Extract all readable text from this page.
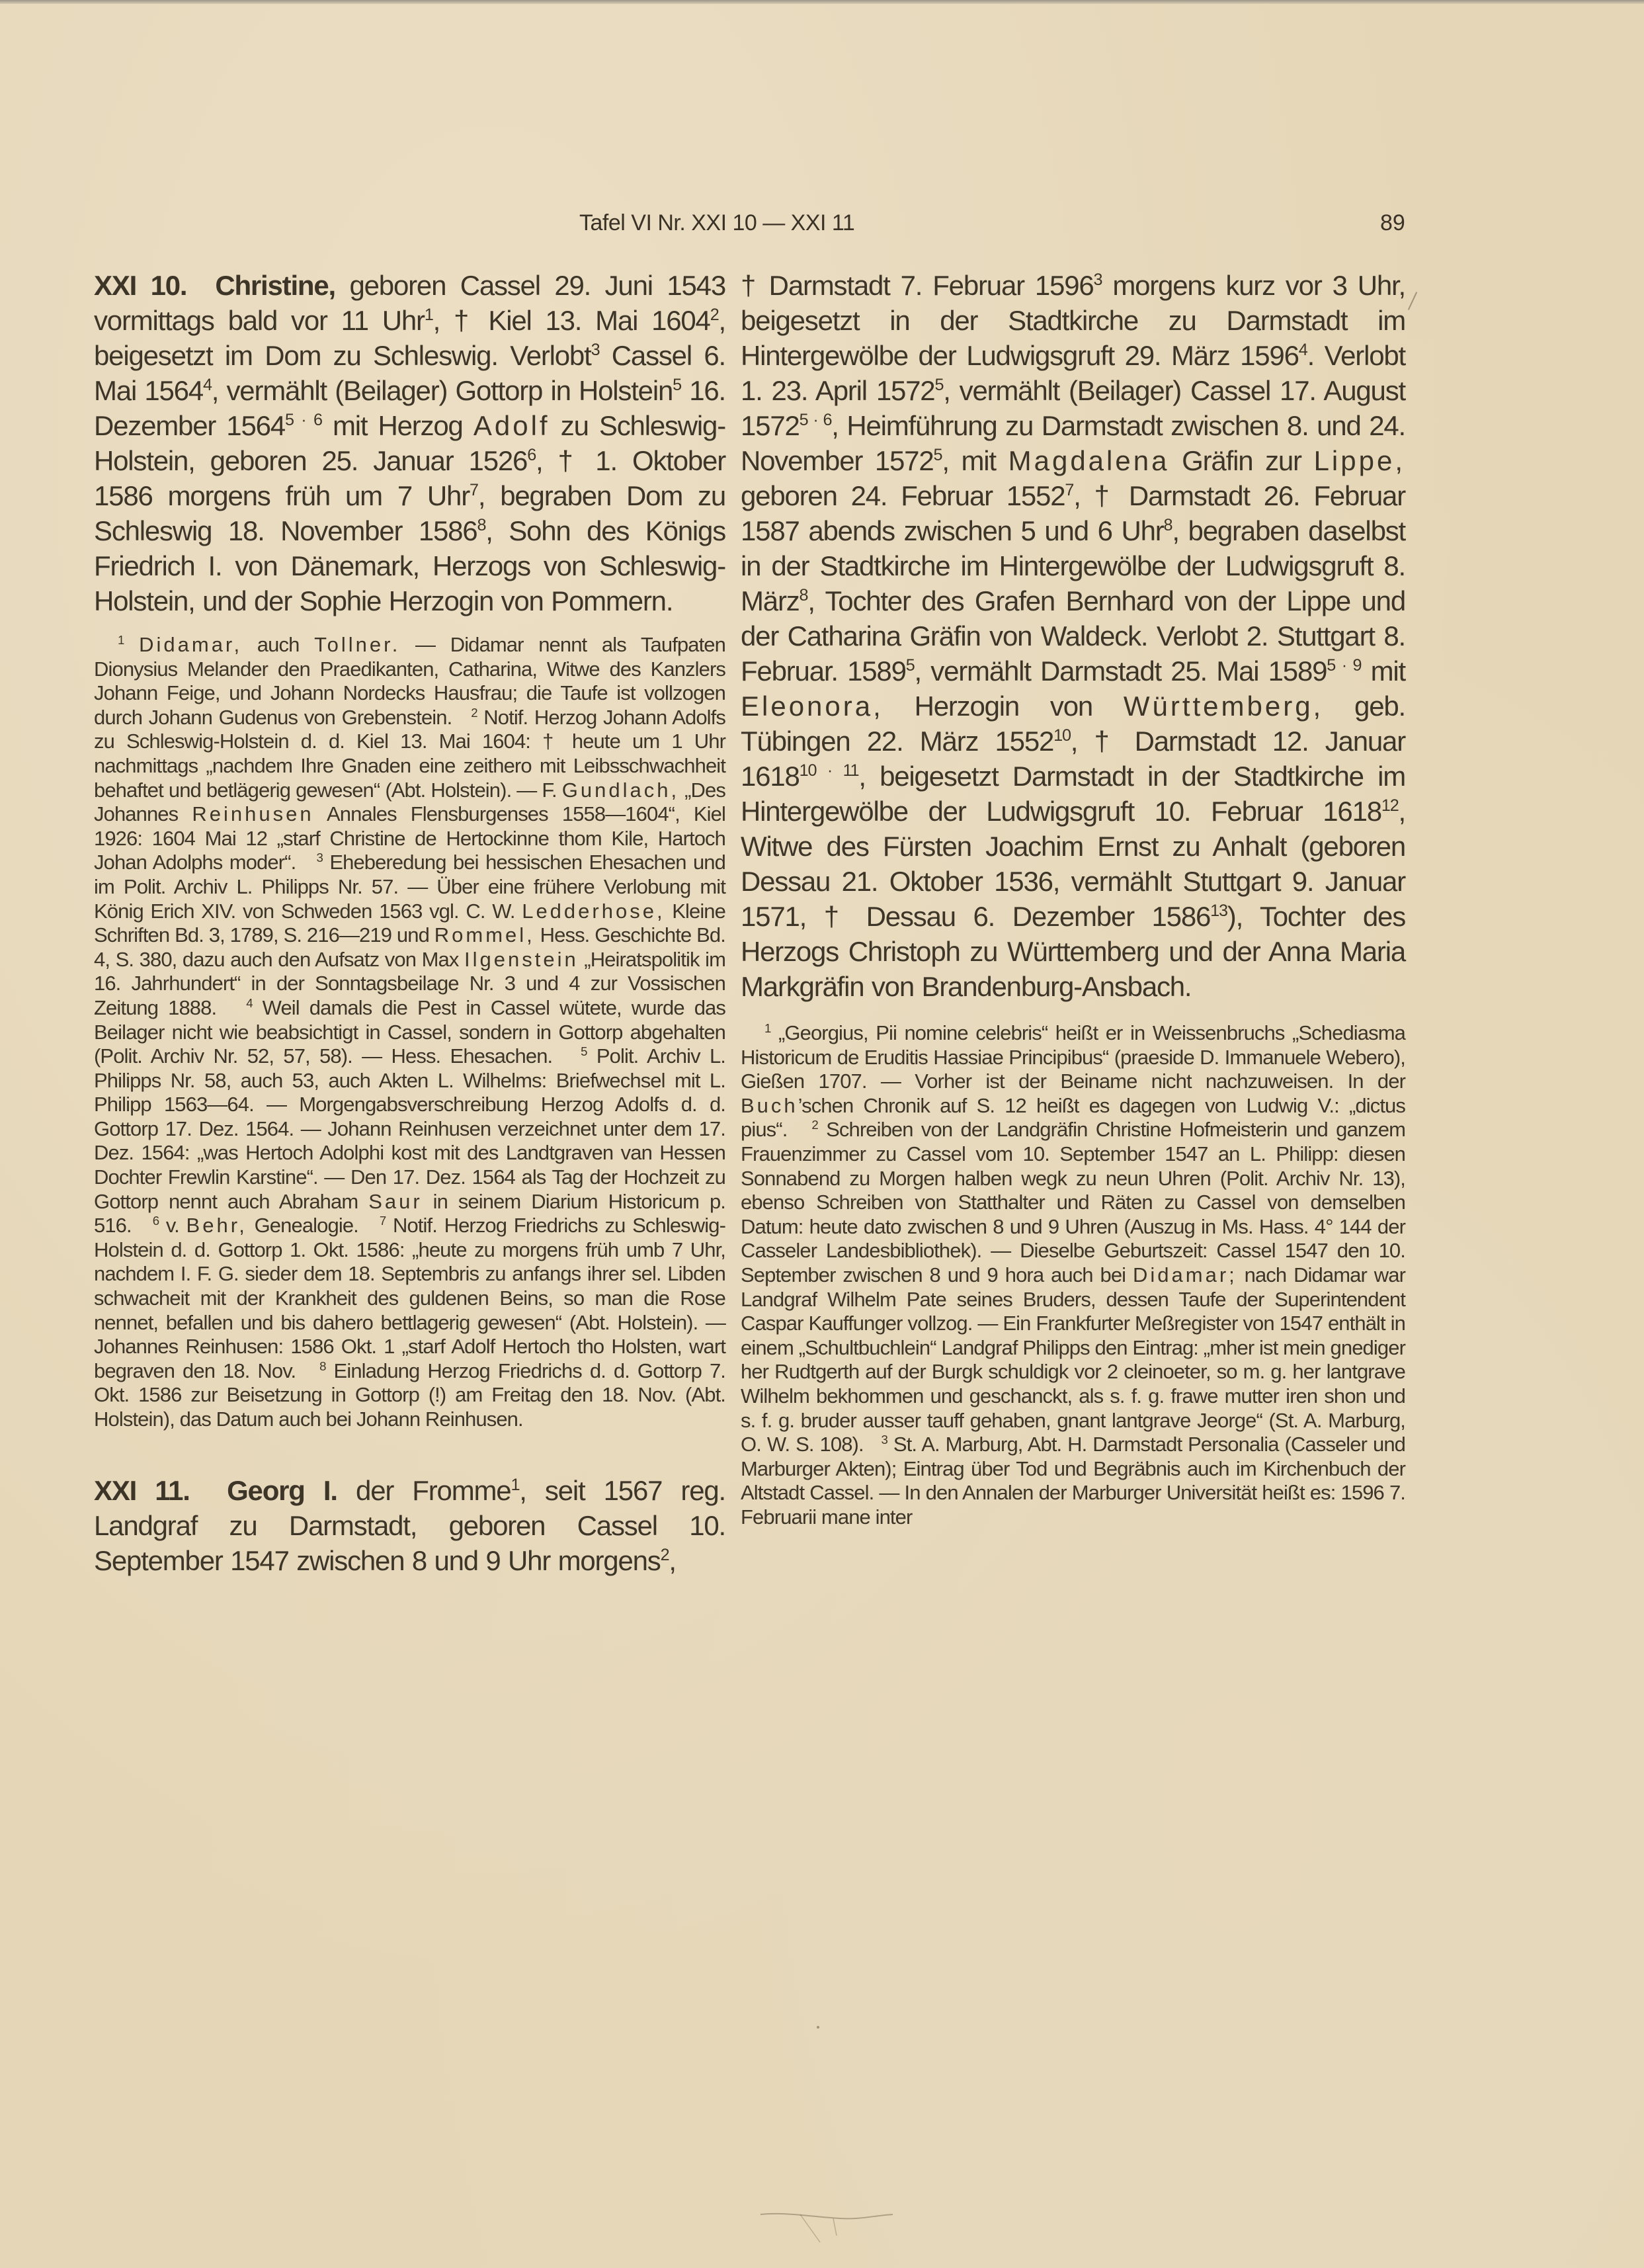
Tafel VI Nr. XXI 10 — XXI 11	89

XXI 10. Christine, geboren Cassel 29. Juni 1543 vormittags bald vor 11 Uhr$^1$, † Kiel 13. Mai 1604$^2$, beigesetzt im Dom zu Schleswig. Verlobt$^3$ Cassel 6. Mai 1564$^4$, vermählt (Beilager) Gottorp in Holstein$^5$ 16. Dezember $1564^{5 \cdot 6}$ mit Herzog Adolf zu Schleswig-Holstein, geboren 25. Januar 1526$^6$, † 1. Oktober 1586 morgens früh um 7 Uhr$^7$, begraben Dom zu Schleswig 18. November 1586$^8$, Sohn des Königs Friedrich I. von Dänemark, Herzogs von Schleswig-Holstein, und der Sophie Herzogin von Pommern.

$^1$ Didamar, auch Tollner. — Didamar nennt als Taufpaten Dionysius Melander den Praedikanten, Catharina, Witwe des Kanzlers Johann Feige, und Johann Nordecks Hausfrau; die Taufe ist vollzogen durch Johann Gudenus von Grebenstein. $^2$ Notif. Herzog Johann Adolfs zu Schleswig-Holstein d. d. Kiel 13. Mai 1604: † heute um 1 Uhr nachmittags „nachdem Ihre Gnaden eine zeithero mit Leibsschwachheit behaftet und betlägerig gewesen“ (Abt. Holstein). — F. Gundlach, „Des Johannes Reinhusen Annales Flensburgenses 1558—1604“, Kiel 1926: 1604 Mai 12 „starf Christine de Hertockinne thom Kile, Hartoch Johan Adolphs moder“. $^3$ Eheberedung bei hessischen Ehesachen und im Polit. Archiv L. Philipps Nr. 57. — Über eine frühere Verlobung mit König Erich XIV. von Schweden 1563 vgl. C. W. Ledderhose, Kleine Schriften Bd. 3, 1789, S. 216—219 und Rommel, Hess. Geschichte Bd. 4, S. 380, dazu auch den Aufsatz von Max Ilgenstein „Heiratspolitik im 16. Jahrhundert“ in der Sonntagsbeilage Nr. 3 und 4 zur Vossischen Zeitung 1888. $^4$ Weil damals die Pest in Cassel wütete, wurde das Beilager nicht wie beabsichtigt in Cassel, sondern in Gottorp abgehalten (Polit. Archiv Nr. 52, 57, 58). — Hess. Ehesachen. $^5$ Polit. Archiv L. Philipps Nr. 58, auch 53, auch Akten L. Wilhelms: Briefwechsel mit L. Philipp 1563—64. — Morgengabsverschreibung Herzog Adolfs d. d. Gottorp 17. Dez. 1564. — Johann Reinhusen verzeichnet unter dem 17. Dez. 1564: „was Hertoch Adolphi kost mit des Landtgraven van Hessen Dochter Frewlin Karstine“. — Den 17. Dez. 1564 als Tag der Hochzeit zu Gottorp nennt auch Abraham Saur in seinem Diarium Historicum p. 516. $^6$ v. Behr, Genealogie. $^7$ Notif. Herzog Friedrichs zu Schleswig-Holstein d. d. Gottorp 1. Okt. 1586: „heute zu morgens früh umb 7 Uhr, nachdem I. F. G. sieder dem 18. Septembris zu anfangs ihrer sel. Libden schwacheit mit der Krankheit des guldenen Beins, so man die Rose nennet, befallen und bis dahero bettlagerig gewesen“ (Abt. Holstein). — Johannes Reinhusen: 1586 Okt. 1 „starf Adolf Hertoch tho Holsten, wart begraven den 18. Nov. $^8$ Einladung Herzog Friedrichs d. d. Gottorp 7. Okt. 1586 zur Beisetzung in Gottorp (!) am Freitag den 18. Nov. (Abt. Holstein), das Datum auch bei Johann Reinhusen.

XXI 11. Georg I. der Fromme$^1$, seit 1567 reg. Landgraf zu Darmstadt, geboren Cassel 10. September 1547 zwischen 8 und 9 Uhr morgens$^2$,

† Darmstadt 7. Februar 1596$^3$ morgens kurz vor 3 Uhr, beigesetzt in der Stadtkirche zu Darmstadt im Hintergewölbe der Ludwigsgruft 29. März 1596$^4$. Verlobt 1. 23. April 1572$^5$, vermählt (Beilager) Cassel 17. August $1572^{5 \cdot 6}$, Heimführung zu Darmstadt zwischen 8. und 24. November 1572$^5$, mit Magdalena Gräfin zur Lippe, geboren 24. Februar 1552$^7$, † Darmstadt 26. Februar 1587 abends zwischen 5 und 6 Uhr$^8$, begraben daselbst in der Stadtkirche im Hintergewölbe der Ludwigsgruft 8. März$^8$, Tochter des Grafen Bernhard von der Lippe und der Catharina Gräfin von Waldeck. Verlobt 2. Stuttgart 8. Februar. 1589$^5$, vermählt Darmstadt 25. Mai $1589^{5 \cdot 9}$ mit Eleonora, Herzogin von Württemberg, geb. Tübingen 22. März 1552$^{10}$, † Darmstadt 12. Januar $1618^{10 \cdot 11}$, beigesetzt Darmstadt in der Stadtkirche im Hintergewölbe der Ludwigsgruft 10. Februar 1618$^{12}$, Witwe des Fürsten Joachim Ernst zu Anhalt (geboren Dessau 21. Oktober 1536, vermählt Stuttgart 9. Januar 1571, † Dessau 6. Dezember 1586$^{13}$), Tochter des Herzogs Christoph zu Württemberg und der Anna Maria Markgräfin von Brandenburg-Ansbach.

$^1$ „Georgius, Pii nomine celebris“ heißt er in Weissenbruchs „Schediasma Historicum de Eruditis Hassiae Principibus“ (praeside D. Immanuele Webero), Gießen 1707. — Vorher ist der Beiname nicht nachzuweisen. In der Buch’schen Chronik auf S. 12 heißt es dagegen von Ludwig V.: „dictus pius“. $^2$ Schreiben von der Landgräfin Christine Hofmeisterin und ganzem Frauenzimmer zu Cassel vom 10. September 1547 an L. Philipp: diesen Sonnabend zu Morgen halben wegk zu neun Uhren (Polit. Archiv Nr. 13), ebenso Schreiben von Statthalter und Räten zu Cassel von demselben Datum: heute dato zwischen 8 und 9 Uhren (Auszug in Ms. Hass. 4° 144 der Casseler Landesbibliothek). — Dieselbe Geburtszeit: Cassel 1547 den 10. September zwischen 8 und 9 hora auch bei Didamar; nach Didamar war Landgraf Wilhelm Pate seines Bruders, dessen Taufe der Superintendent Caspar Kauffunger vollzog. — Ein Frankfurter Meßregister von 1547 enthält in einem „Schultbuchlein“ Landgraf Philipps den Eintrag: „mher ist mein gnediger her Rudtgerth auf der Burgk schuldigk vor 2 cleinoeter, so m. g. her lantgrave Wilhelm bekhommen und geschanckt, als s. f. g. frawe mutter iren shon und s. f. g. bruder ausser tauff gehaben, gnant lantgrave Jeorge“ (St. A. Marburg, O. W. S. 108). $^3$ St. A. Marburg, Abt. H. Darmstadt Personalia (Casseler und Marburger Akten); Eintrag über Tod und Begräbnis auch im Kirchenbuch der Altstadt Cassel. — In den Annalen der Marburger Universität heißt es: 1596 7. Februarii mane inter
